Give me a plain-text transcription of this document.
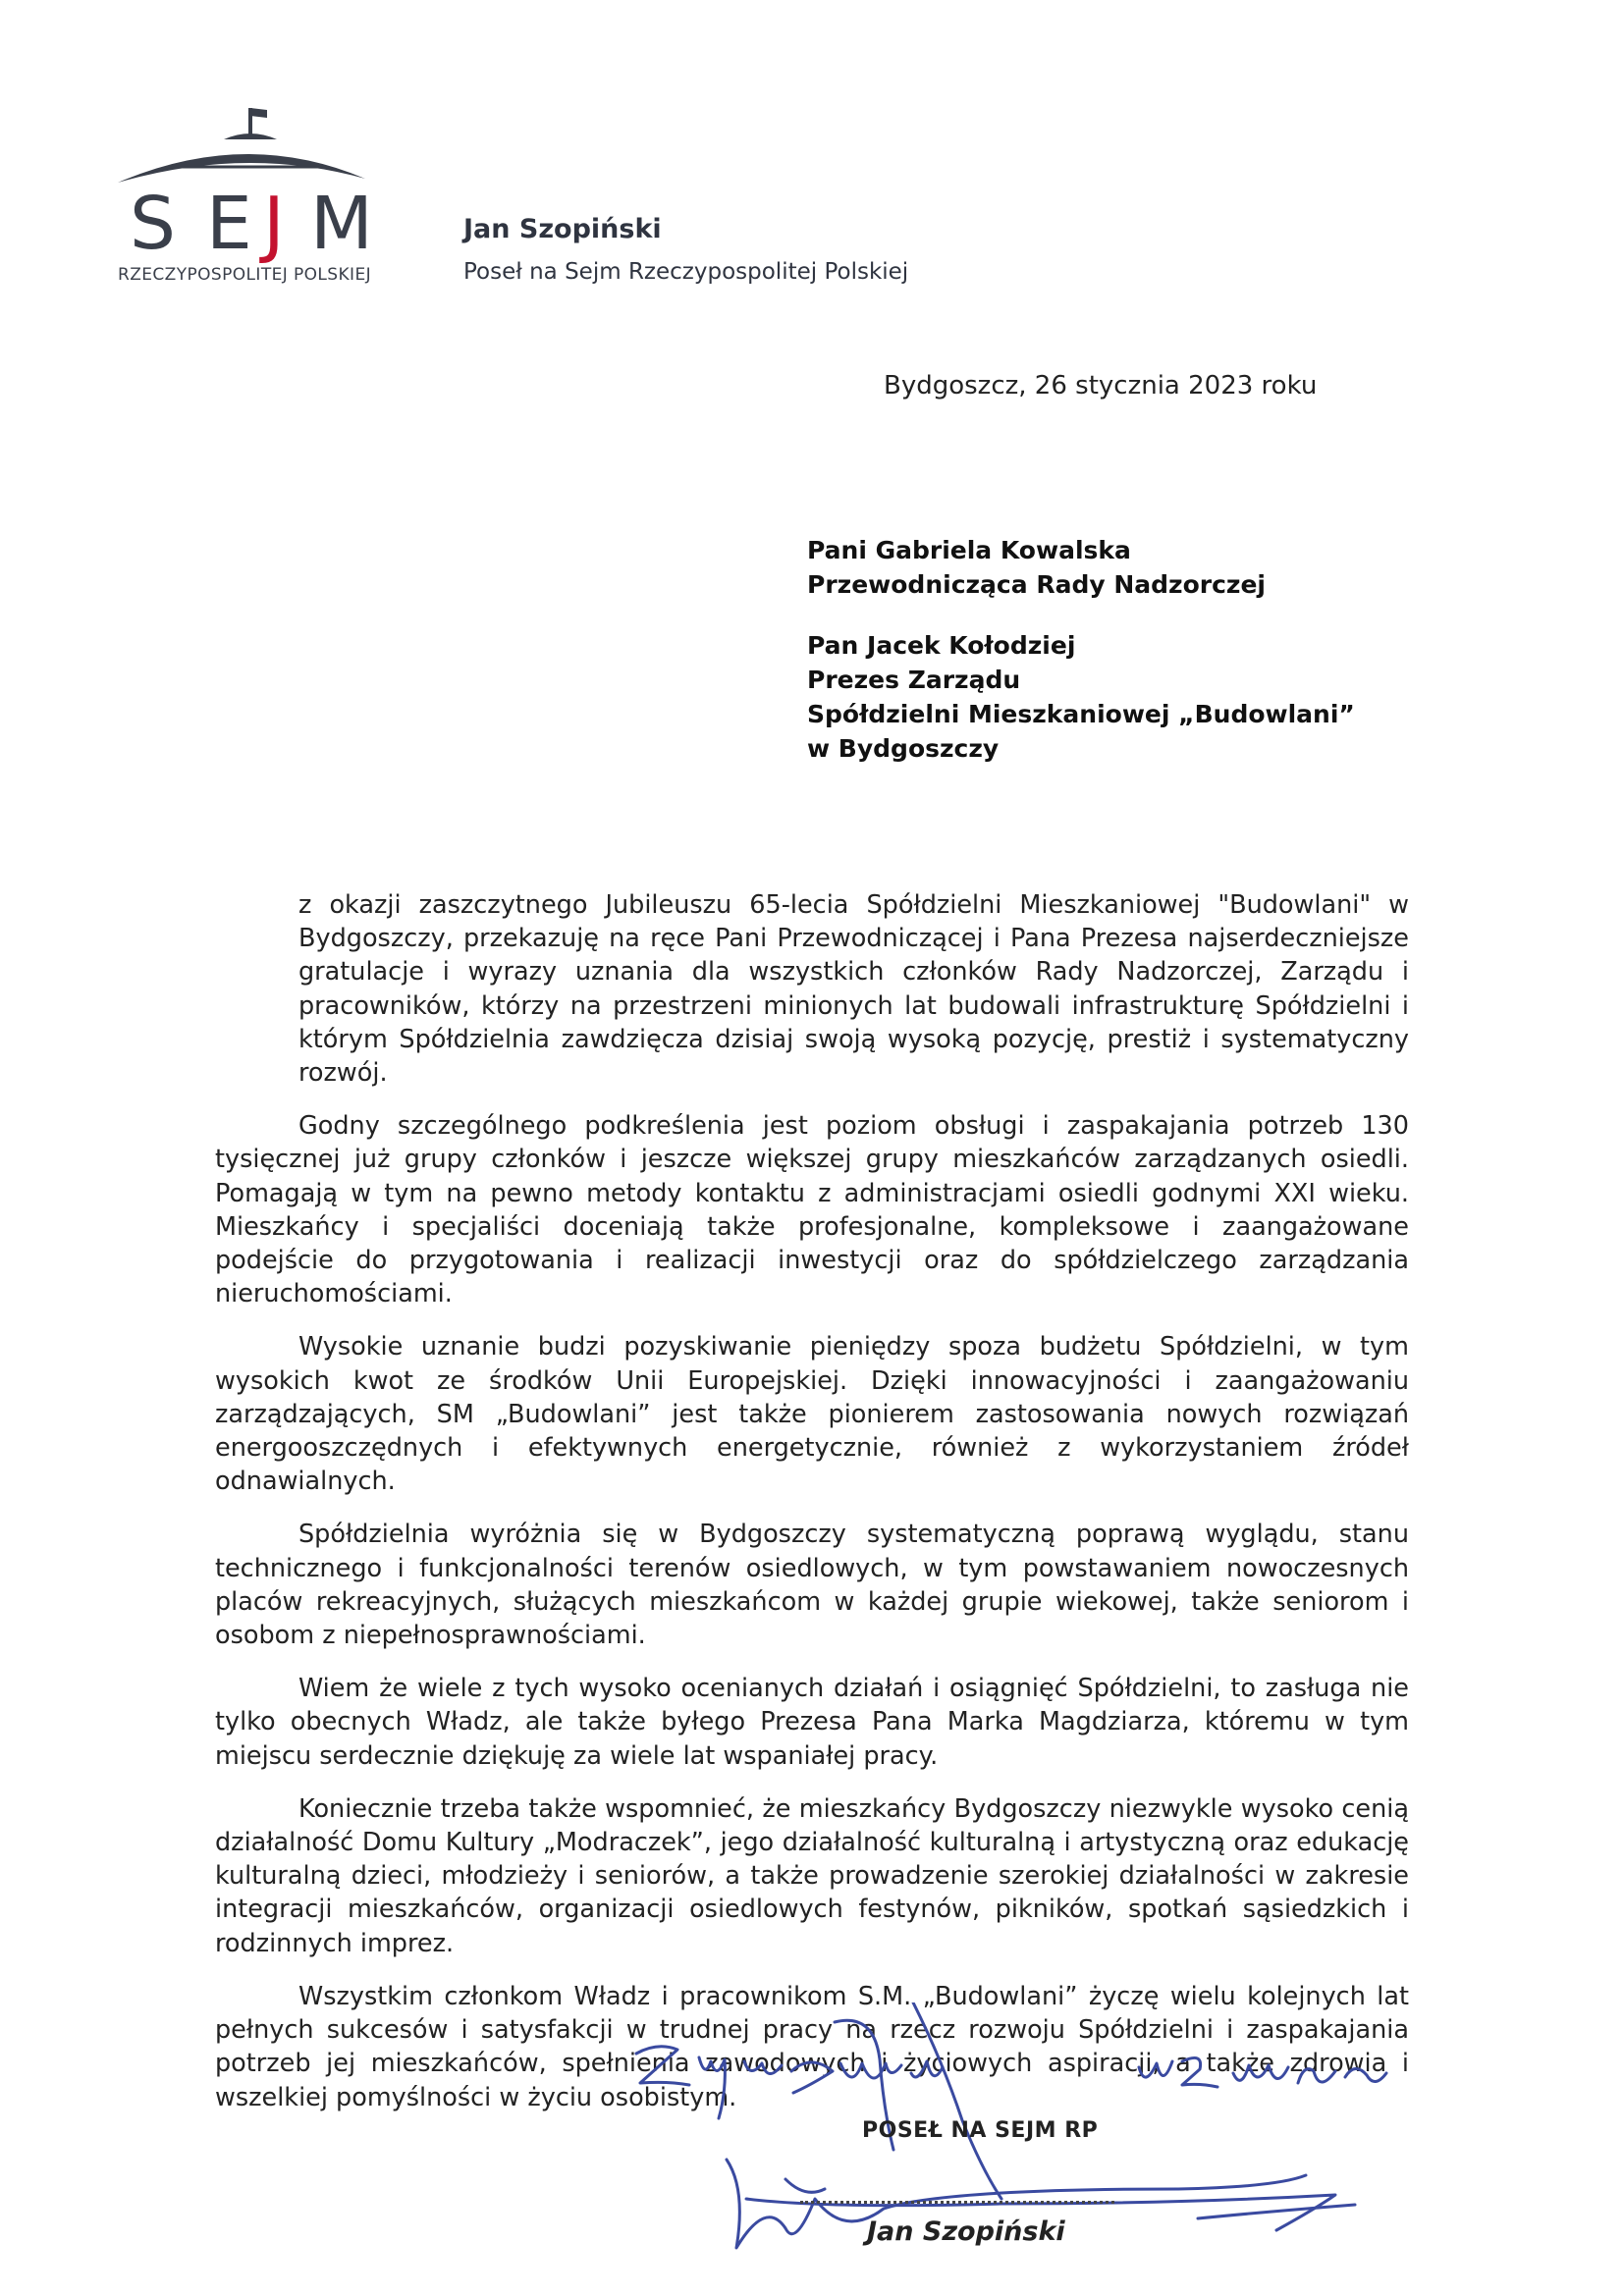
S E J M
RZECZYPOSPOLITEJ POLSKIEJ
Jan Szopiński
Poseł na Sejm Rzeczypospolitej Polskiej
Bydgoszcz, 26 stycznia 2023 roku
Pani Gabriela Kowalska
Przewodnicząca Rady Nadzorczej
Pan Jacek Kołodziej
Prezes Zarządu
Spółdzielni Mieszkaniowej „Budowlani”
w Bydgoszczy

z okazji zaszczytnego Jubileuszu 65-lecia Spółdzielni Mieszkaniowej "Budowlani" w Bydgoszczy, przekazuję na ręce Pani Przewodniczącej i Pana Prezesa najserdeczniejsze gratulacje i wyrazy uznania dla wszystkich członków Rady Nadzorczej, Zarządu i pracowników, którzy na przestrzeni minionych lat budowali infrastrukturę Spółdzielni i którym Spółdzielnia zawdzięcza dzisiaj swoją wysoką pozycję, prestiż i systematyczny rozwój.

Godny szczególnego podkreślenia jest poziom obsługi i zaspakajania potrzeb 130 tysięcznej już grupy członków i jeszcze większej grupy mieszkańców zarządzanych osiedli. Pomagają w tym na pewno metody kontaktu z administracjami osiedli godnymi XXI wieku. Mieszkańcy i specjaliści doceniają także profesjonalne, kompleksowe i zaangażowane podejście do przygotowania i realizacji inwestycji oraz do spółdzielczego zarządzania nieruchomościami.

Wysokie uznanie budzi pozyskiwanie pieniędzy spoza budżetu Spółdzielni, w tym wysokich kwot ze środków Unii Europejskiej. Dzięki innowacyjności i zaangażowaniu zarządzających, SM „Budowlani” jest także pionierem zastosowania nowych rozwiązań energooszczędnych i efektywnych energetycznie, również z wykorzystaniem źródeł odnawialnych.

Spółdzielnia wyróżnia się w Bydgoszczy systematyczną poprawą wyglądu, stanu technicznego i funkcjonalności terenów osiedlowych, w tym powstawaniem nowoczesnych placów rekreacyjnych, służących mieszkańcom w każdej grupie wiekowej, także seniorom i osobom z niepełnosprawnościami.

Wiem że wiele z tych wysoko ocenianych działań i osiągnięć Spółdzielni, to zasługa nie tylko obecnych Władz, ale także byłego Prezesa Pana Marka Magdziarza, któremu w tym miejscu serdecznie dziękuję za wiele lat wspaniałej pracy.

Koniecznie trzeba także wspomnieć, że mieszkańcy Bydgoszczy niezwykle wysoko cenią działalność Domu Kultury „Modraczek”, jego działalność kulturalną i artystyczną oraz edukację kulturalną dzieci, młodzieży i seniorów, a także prowadzenie szerokiej działalności w zakresie integracji mieszkańców, organizacji osiedlowych festynów, pikników, spotkań sąsiedzkich i rodzinnych imprez.

Wszystkim członkom Władz i pracownikom S.M. „Budowlani” życzę wielu kolejnych lat pełnych sukcesów i satysfakcji w trudnej pracy na rzecz rozwoju Spółdzielni i zaspakajania potrzeb jej mieszkańców, spełnienia zawodowych i życiowych aspiracji, a także zdrowia i wszelkiej pomyślności w życiu osobistym.

POSEŁ NA SEJM RP
Jan Szopiński
